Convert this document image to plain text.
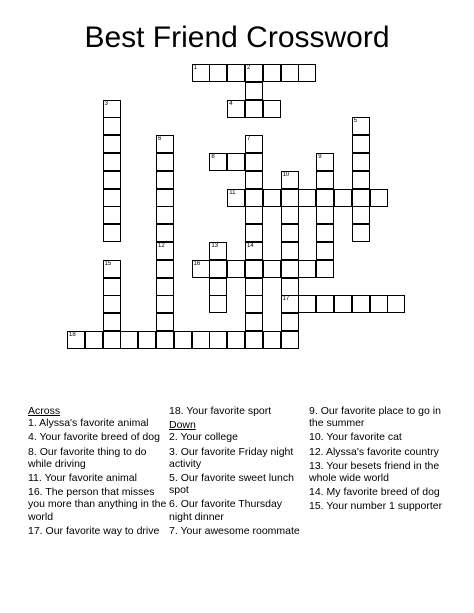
Best Friend Crossword
1	2
4
3
5
6
12
7
14
8	9
10
17
11
13
15	16
18
Across
1. Alyssa's favorite animal
4. Your favorite breed of dog
8. Our favorite thing to do while driving
11. Your favorite animal
16. The person that misses you more than anything in the world
17. Our favorite way to drive
18. Your favorite sport
Down
2. Your college
3. Our favorite Friday night activity
5. Our favorite sweet lunch spot
6. Our favorite Thursday night dinner
7. Your awesome roommate
9. Our favorite place to go in the summer
10. Your favorite cat
12. Alyssa's favorite country
13. Your besets friend in the whole wide world
14. My favorite breed of dog
15. Your number 1 supporter
